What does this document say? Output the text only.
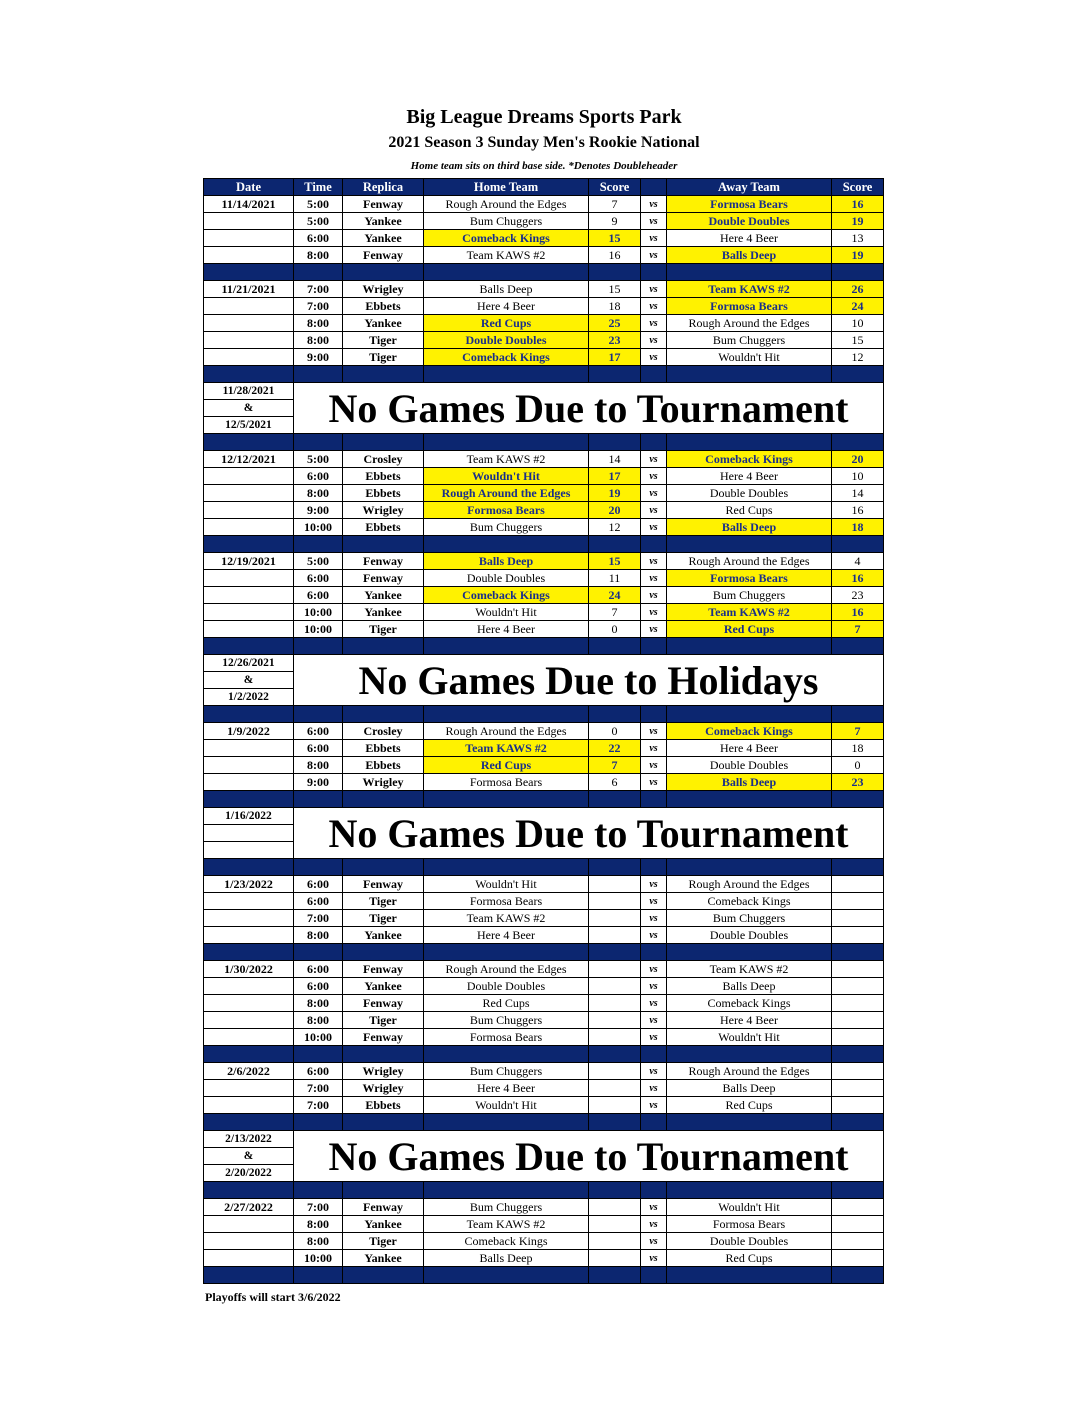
Big League Dreams Sports Park
2021 Season 3 Sunday Men's Rookie National
Home team sits on third base side. *Denotes Doubleheader
Date	Time	Replica	Home Team	Score		Away Team	Score
11/14/2021	5:00	Fenway	Rough Around the Edges	7	vs	Formosa Bears	16
	5:00	Yankee	Bum Chuggers	9	vs	Double Doubles	19
	6:00	Yankee	Comeback Kings	15	vs	Here 4 Beer	13
	8:00	Fenway	Team KAWS #2	16	vs	Balls Deep	19

11/21/2021	7:00	Wrigley	Balls Deep	15	vs	Team KAWS #2	26
	7:00	Ebbets	Here 4 Beer	18	vs	Formosa Bears	24
	8:00	Yankee	Red Cups	25	vs	Rough Around the Edges	10
	8:00	Tiger	Double Doubles	23	vs	Bum Chuggers	15
	9:00	Tiger	Comeback Kings	17	vs	Wouldn't Hit	12

11/28/2021	No Games Due to Tournament						
&							
12/5/2021							

12/12/2021	5:00	Crosley	Team KAWS #2	14	vs	Comeback Kings	20
	6:00	Ebbets	Wouldn't Hit	17	vs	Here 4 Beer	10
	8:00	Ebbets	Rough Around the Edges	19	vs	Double Doubles	14
	9:00	Wrigley	Formosa Bears	20	vs	Red Cups	16
	10:00	Ebbets	Bum Chuggers	12	vs	Balls Deep	18

12/19/2021	5:00	Fenway	Balls Deep	15	vs	Rough Around the Edges	4
	6:00	Fenway	Double Doubles	11	vs	Formosa Bears	16
	6:00	Yankee	Comeback Kings	24	vs	Bum Chuggers	23
	10:00	Yankee	Wouldn't Hit	7	vs	Team KAWS #2	16
	10:00	Tiger	Here 4 Beer	0	vs	Red Cups	7

12/26/2021	No Games Due to Holidays						
&							
1/2/2022							

1/9/2022	6:00	Crosley	Rough Around the Edges	0	vs	Comeback Kings	7
	6:00	Ebbets	Team KAWS #2	22	vs	Here 4 Beer	18
	8:00	Ebbets	Red Cups	7	vs	Double Doubles	0
	9:00	Wrigley	Formosa Bears	6	vs	Balls Deep	23

1/16/2022	No Games Due to Tournament						

1/23/2022	6:00	Fenway	Wouldn't Hit		vs	Rough Around the Edges	
	6:00	Tiger	Formosa Bears		vs	Comeback Kings	
	7:00	Tiger	Team KAWS #2		vs	Bum Chuggers	
	8:00	Yankee	Here 4 Beer		vs	Double Doubles	

1/30/2022	6:00	Fenway	Rough Around the Edges		vs	Team KAWS #2	
	6:00	Yankee	Double Doubles		vs	Balls Deep	
	8:00	Fenway	Red Cups		vs	Comeback Kings	
	8:00	Tiger	Bum Chuggers		vs	Here 4 Beer	
	10:00	Fenway	Formosa Bears		vs	Wouldn't Hit	

2/6/2022	6:00	Wrigley	Bum Chuggers		vs	Rough Around the Edges	
	7:00	Wrigley	Here 4 Beer		vs	Balls Deep	
	7:00	Ebbets	Wouldn't Hit		vs	Red Cups	

2/13/2022	No Games Due to Tournament						
&							
2/20/2022							

2/27/2022	7:00	Fenway	Bum Chuggers		vs	Wouldn't Hit	
	8:00	Yankee	Team KAWS #2		vs	Formosa Bears	
	8:00	Tiger	Comeback Kings		vs	Double Doubles	
	10:00	Yankee	Balls Deep		vs	Red Cups	

Playoffs will start 3/6/2022
